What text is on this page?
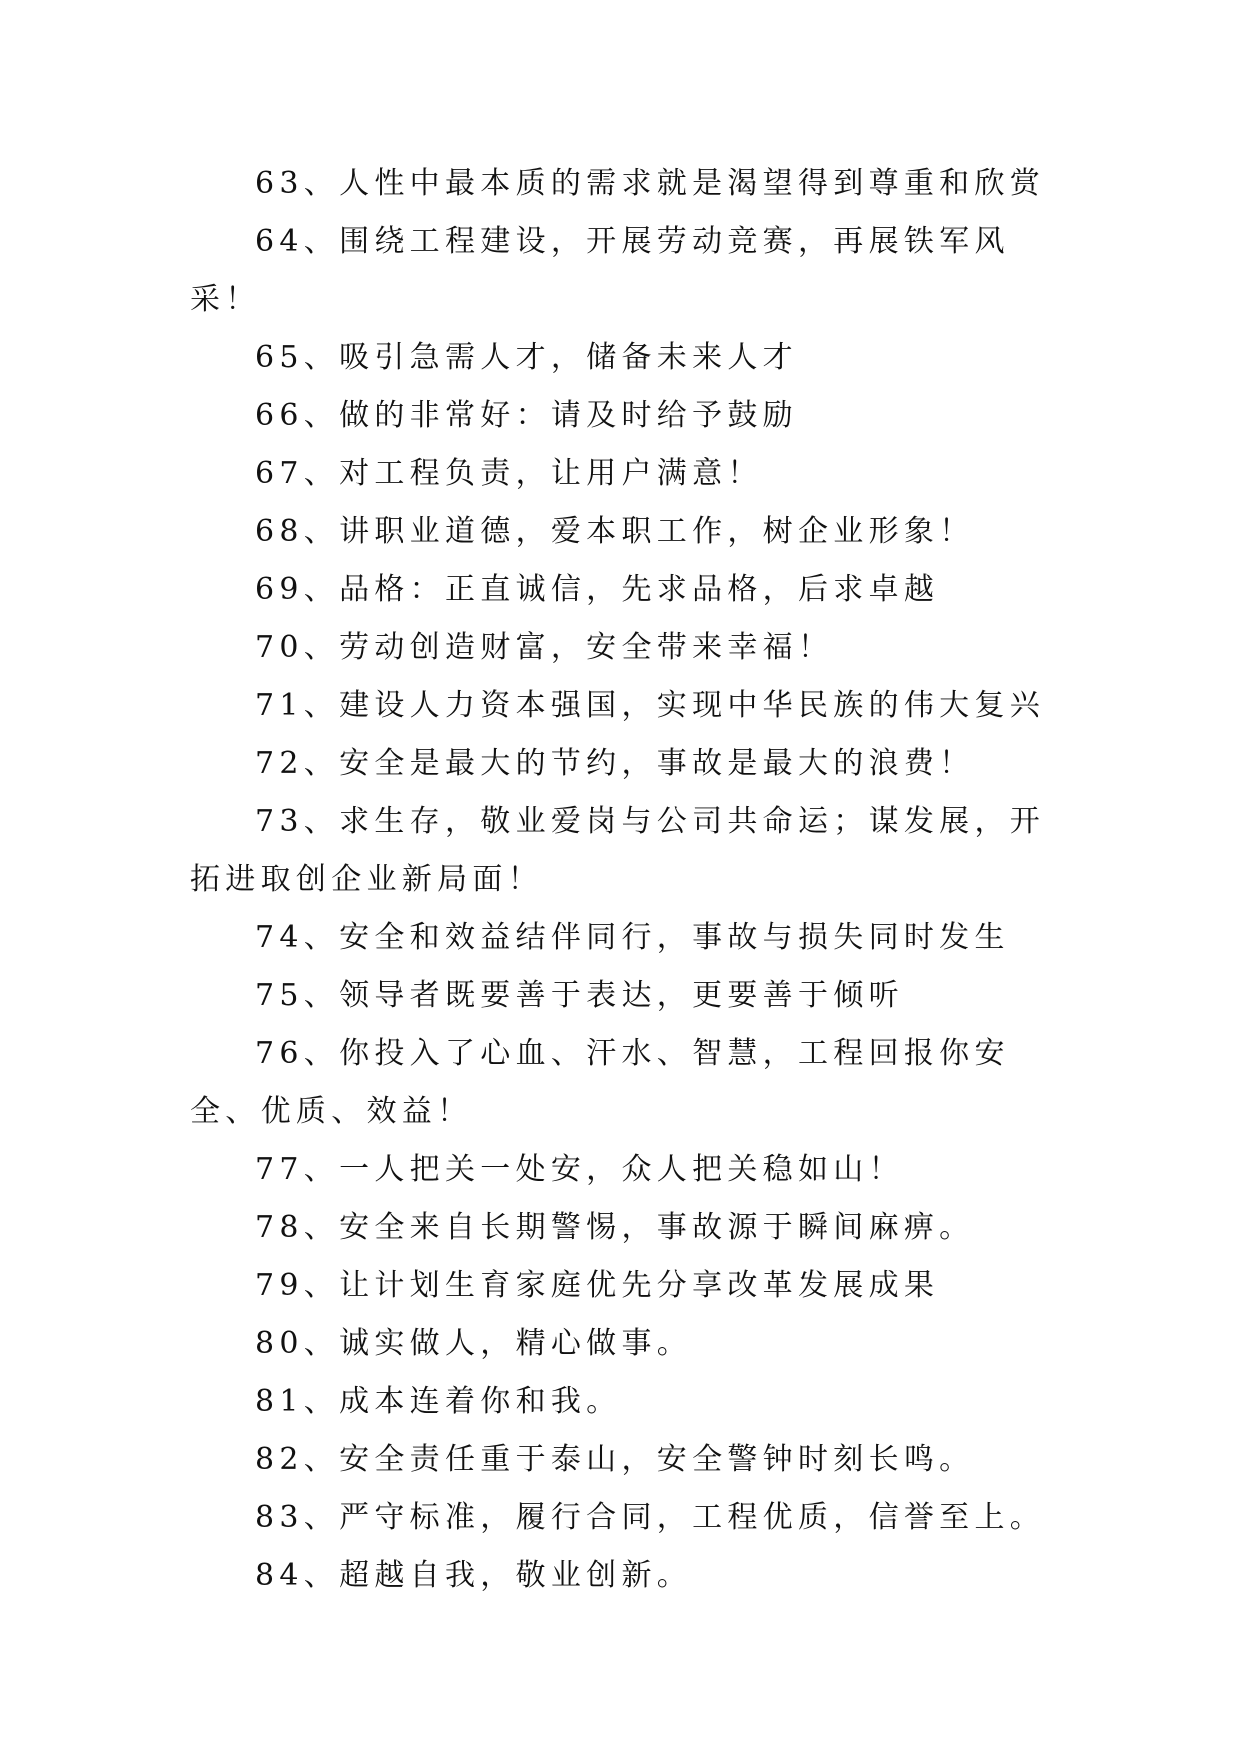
63、人性中最本质的需求就是渴望得到尊重和欣赏

64、围绕工程建设，开展劳动竞赛，再展铁军风采！

65、吸引急需人才，储备未来人才

66、做的非常好：请及时给予鼓励

67、对工程负责，让用户满意！

68、讲职业道德，爱本职工作，树企业形象！

69、品格：正直诚信，先求品格，后求卓越

70、劳动创造财富，安全带来幸福！

71、建设人力资本强国，实现中华民族的伟大复兴

72、安全是最大的节约，事故是最大的浪费！

73、求生存，敬业爱岗与公司共命运；谋发展，开拓进取创企业新局面！

74、安全和效益结伴同行，事故与损失同时发生

75、领导者既要善于表达，更要善于倾听

76、你投入了心血、汗水、智慧，工程回报你安全、优质、效益！

77、一人把关一处安，众人把关稳如山！

78、安全来自长期警惕，事故源于瞬间麻痹。

79、让计划生育家庭优先分享改革发展成果

80、诚实做人，精心做事。

81、成本连着你和我。

82、安全责任重于泰山，安全警钟时刻长鸣。

83、严守标准，履行合同，工程优质，信誉至上。

84、超越自我，敬业创新。
